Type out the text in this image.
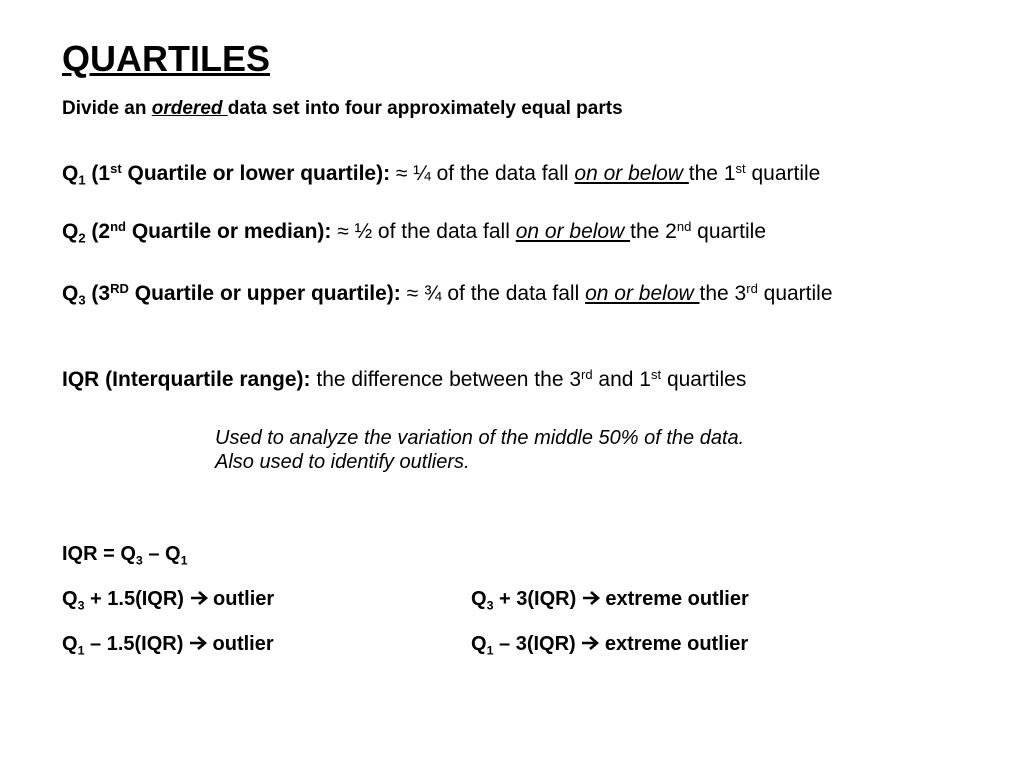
QUARTILES
Divide an ordered data set into four approximately equal parts
$Q_1$ (1st Quartile or lower quartile): ≈ ¼ of the data fall on or below the 1st quartile
$Q_2$ (2nd Quartile or median): ≈ ½ of the data fall on or below the 2nd quartile
$Q_3$ (3RD Quartile or upper quartile): ≈ ¾ of the data fall on or below the 3rd quartile
IQR (Interquartile range): the difference between the 3rd and 1st quartiles
Used to analyze the variation of the middle 50% of the data.
Also used to identify outliers.
IQR = $Q_3 - Q_1$
$Q_3 + 1.5(IQR)$  outlier
$Q_1 - 1.5(IQR)$  outlier
$Q_3 + 3(IQR)$  extreme outlier
$Q_1 - 3(IQR)$  extreme outlier
